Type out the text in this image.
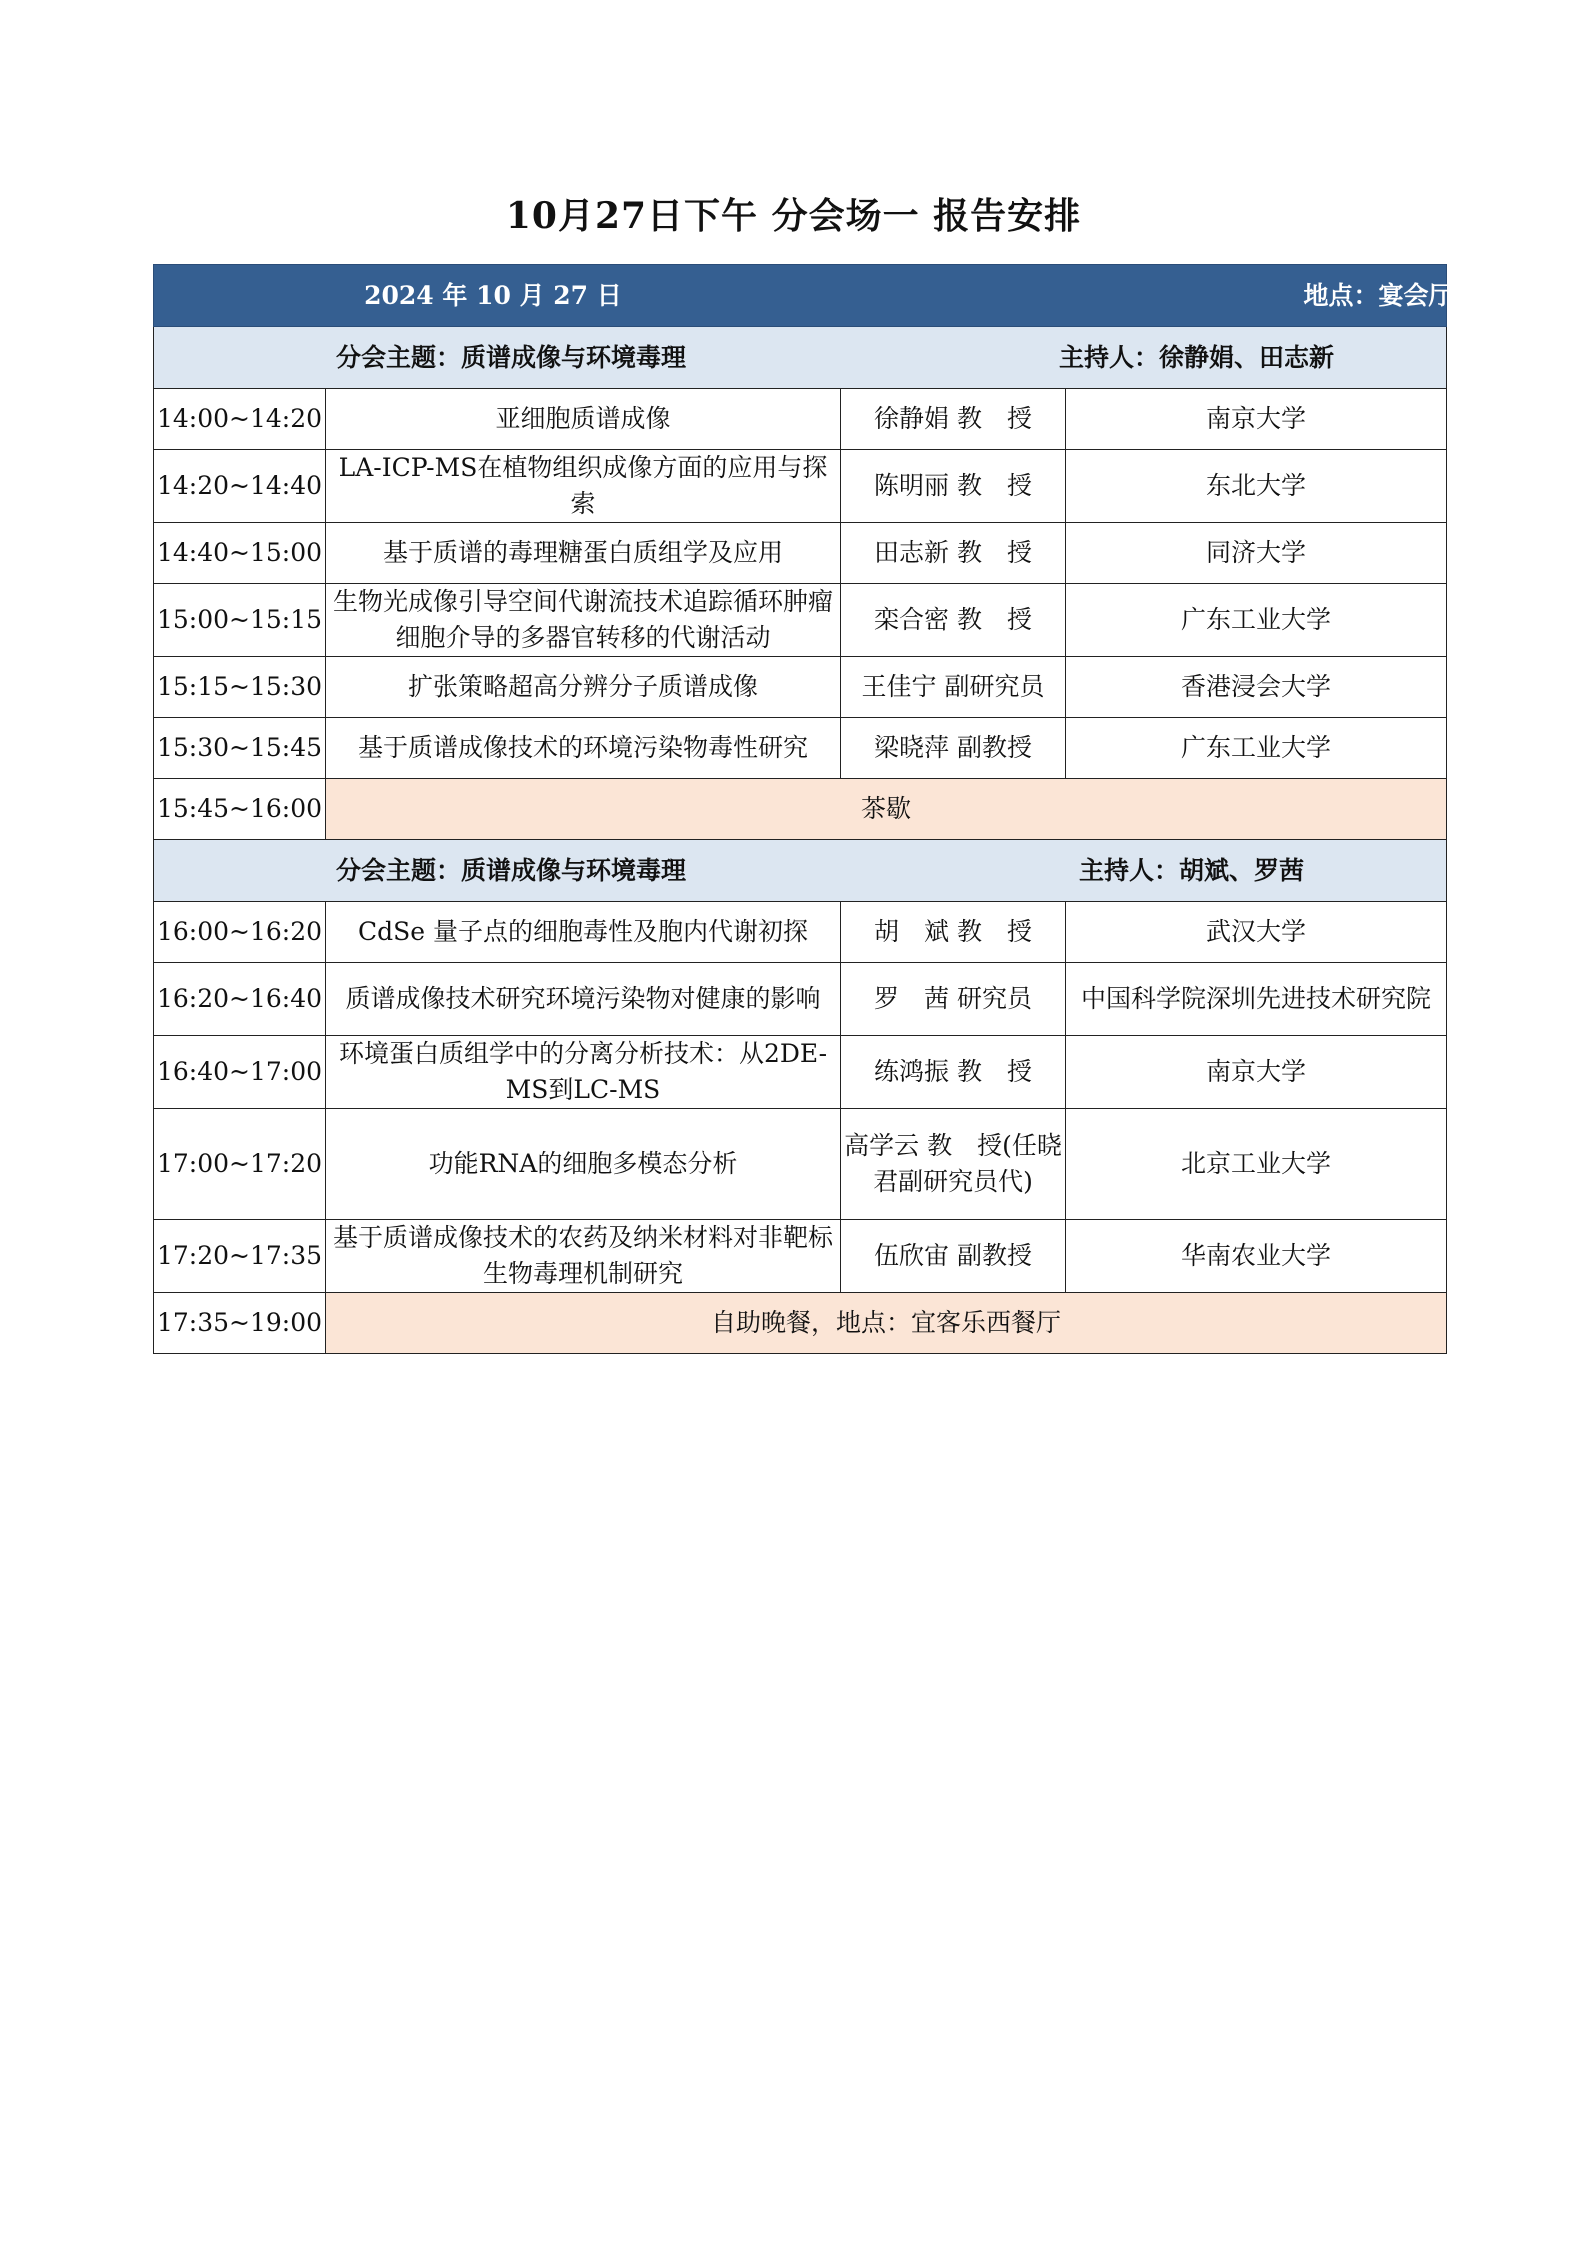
10月27日下午 分会场一 报告安排
2024 年 10 月 27 日 地点：宴会厅A			

分会主题：质谱成像与环境毒理 主持人：徐静娟、田志新			

14:00~14:20	亚细胞质谱成像	徐静娟 教　授	南京大学
14:20~14:40	LA-ICP-MS在植物组织成像方面的应用与探索	陈明丽 教　授	东北大学
14:40~15:00	基于质谱的毒理糖蛋白质组学及应用	田志新 教　授	同济大学
15:00~15:15	生物光成像引导空间代谢流技术追踪循环肿瘤细胞介导的多器官转移的代谢活动	栾合密 教　授	广东工业大学
15:15~15:30	扩张策略超高分辨分子质谱成像	王佳宁 副研究员	香港浸会大学
15:30~15:45	基于质谱成像技术的环境污染物毒性研究	梁晓萍 副教授	广东工业大学
15:45~16:00	茶歇		

分会主题：质谱成像与环境毒理 主持人：胡斌、罗茜			

16:00~16:20	CdSe 量子点的细胞毒性及胞内代谢初探	胡　斌 教　授	武汉大学
16:20~16:40	质谱成像技术研究环境污染物对健康的影响	罗　茜 研究员	中国科学院深圳先进技术研究院
16:40~17:00	环境蛋白质组学中的分离分析技术：从2DE-MS到LC-MS	练鸿振 教　授	南京大学
17:00~17:20	功能RNA的细胞多模态分析	高学云 教　授(任晓君副研究员代)	北京工业大学
17:20~17:35	基于质谱成像技术的农药及纳米材料对非靶标生物毒理机制研究	伍欣宙 副教授	华南农业大学
17:35~19:00	自助晚餐，地点：宜客乐西餐厅		
